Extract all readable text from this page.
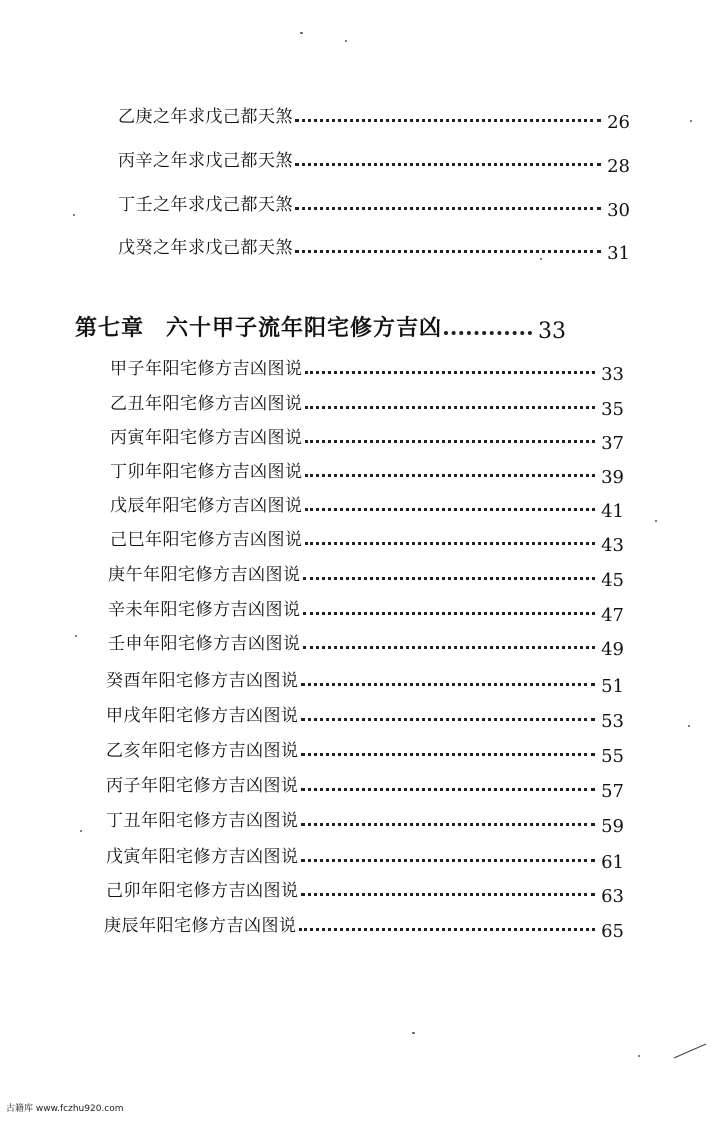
乙庚之年求戊己都天煞	26
丙辛之年求戊己都天煞	28
丁壬之年求戊己都天煞	30
戊癸之年求戊己都天煞	31
第七章 六十甲子流年阳宅修方吉凶	33
甲子年阳宅修方吉凶图说	33
乙丑年阳宅修方吉凶图说	35
丙寅年阳宅修方吉凶图说	37
丁卯年阳宅修方吉凶图说	39
戊辰年阳宅修方吉凶图说	41
己巳年阳宅修方吉凶图说	43
庚午年阳宅修方吉凶图说	45
辛未年阳宅修方吉凶图说	47
壬申年阳宅修方吉凶图说	49
癸酉年阳宅修方吉凶图说	51
甲戌年阳宅修方吉凶图说	53
乙亥年阳宅修方吉凶图说	55
丙子年阳宅修方吉凶图说	57
丁丑年阳宅修方吉凶图说	59
戊寅年阳宅修方吉凶图说	61
己卯年阳宅修方吉凶图说	63
庚辰年阳宅修方吉凶图说	65
古籍库 www.fczhu920.com
